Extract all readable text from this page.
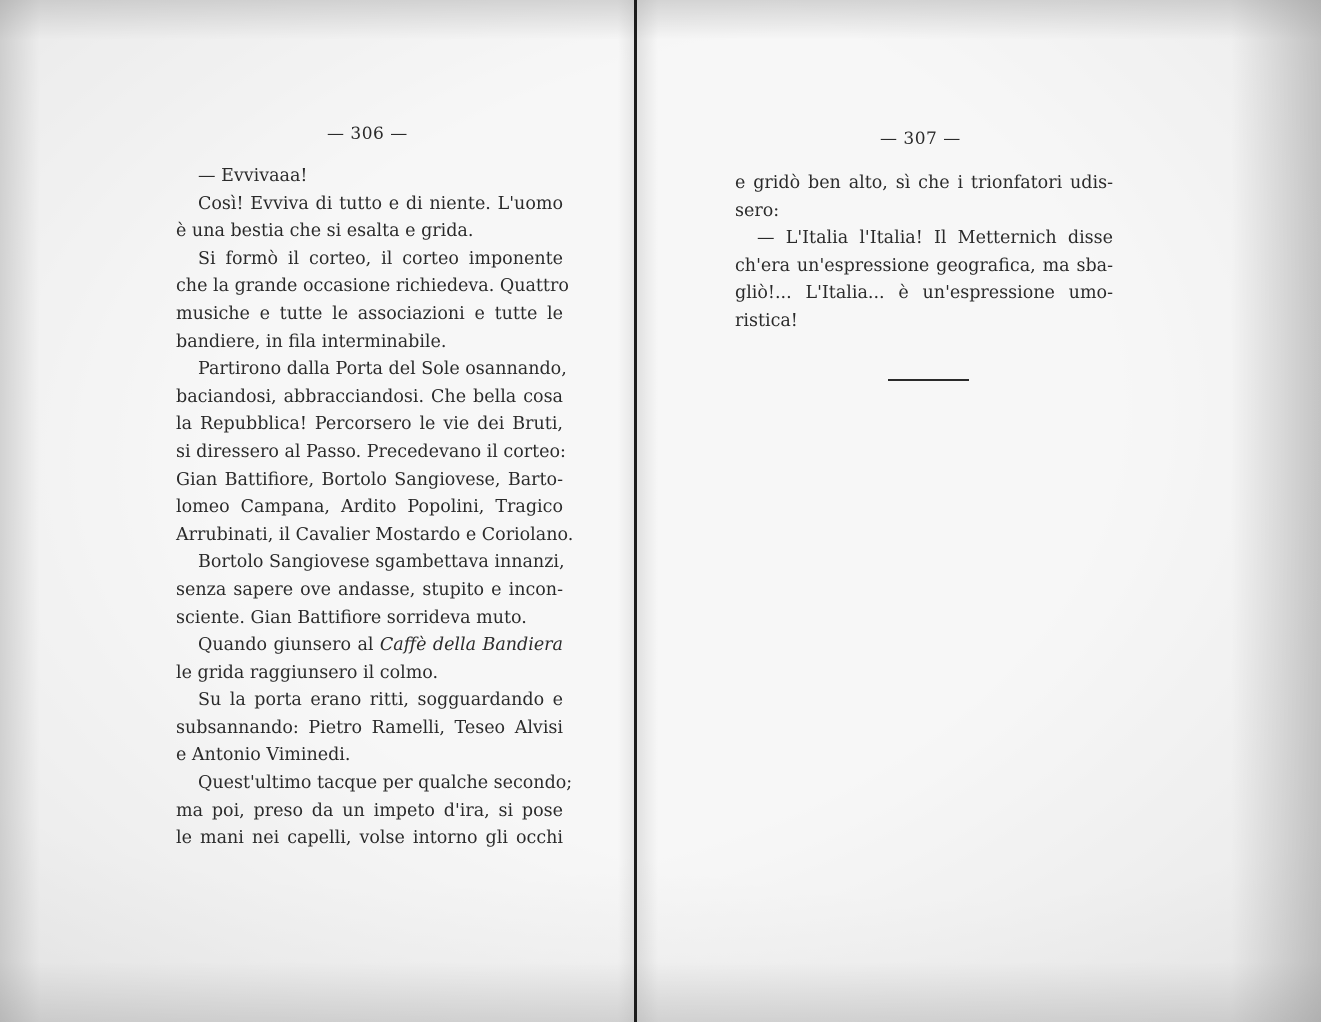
— 306 —
— Evvivaaa!
Così! Evviva di tutto e di niente. L'uomo
è una bestia che si esalta e grida.
Si formò il corteo, il corteo imponente
che la grande occasione richiedeva. Quattro
musiche e tutte le associazioni e tutte le
bandiere, in fila interminabile.
Partirono dalla Porta del Sole osannando,
baciandosi, abbracciandosi. Che bella cosa
la Repubblica! Percorsero le vie dei Bruti,
si diressero al Passo. Precedevano il corteo:
Gian Battifiore, Bortolo Sangiovese, Barto-
lomeo Campana, Ardito Popolini, Tragico
Arrubinati, il Cavalier Mostardo e Coriolano.
Bortolo Sangiovese sgambettava innanzi,
senza sapere ove andasse, stupito e incon-
sciente. Gian Battifiore sorrideva muto.
Quando giunsero al Caffè della Bandiera
le grida raggiunsero il colmo.
Su la porta erano ritti, sogguardando e
subsannando: Pietro Ramelli, Teseo Alvisi
e Antonio Viminedi.
Quest'ultimo tacque per qualche secondo;
ma poi, preso da un impeto d'ira, si pose
le mani nei capelli, volse intorno gli occhi
— 307 —
e gridò ben alto, sì che i trionfatori udis-
sero:
— L'Italia l'Italia! Il Metternich disse
ch'era un'espressione geografica, ma sba-
gliò!... L'Italia... è un'espressione umo-
ristica!
